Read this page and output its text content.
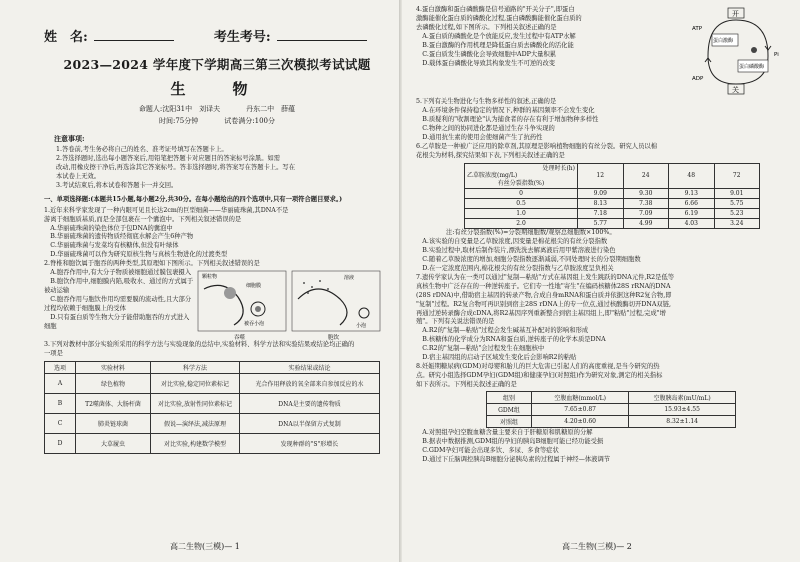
姓　名:	考生考号:
2023—2024 学年度下学期高三第三次模拟考试试题
生　物
命题人:沈阳31中　刘译夫	丹东二中　薛蕴
时间:75分钟	试卷满分:100分
注意事项:

1.答卷前,考生务必将自己的姓名、准考证号填写在答题卡上。

2.答选择题时,选出每小题答案后,用铅笔把答题卡对应题目的答案标号涂黑。如需

改动,用橡皮擦干净后,再选涂其它答案标号。答非选择题时,将答案写在答题卡上。写在

本试卷上无效。

3.考试结束后,将本试卷和答题卡一并交回。

一、单项选择题:(本题共15小题,每小题2分,共30分。在每小题给出的四个选项中,只有一项符合题目要求。)

1.近年来科学家发现了一种内眼可见且长达2cm的巨型细菌——华丽硫珠菌,其DNA不是

游离于细胞质基质,而是全部包裹在一个囊泡中。下列相关叙述错误的是

A.华丽硫珠菌的染色体位于包DNA的囊泡中

B.华丽硫珠菌的遗传物质经彻底水解会产生6种产物

C.华丽硫珠菌与发菜均有核糖体,但没有叶绿体

D.华丽硫珠菌可以作为研究原核生物与真核生物进化的过渡类型

2.脊椎和胞饮属于胞吞的两种类型,其原理如下图所示。下列相关叙述错误的是

A.胞吞作用中,有大分子物质被细胞通过膜包裹摄入

B.胞饮作用中,细胞膜内陷,吸收水、通过的方式属于被动运输

C.胞吞作用与胞饮作用均需要膜的流动性,且大部分过程均依赖于细胞膜上的受体

D.只有蛋白质等生物大分子能借助胞吞的方式进入细胞

颗粒物
细胞膜
被吞小泡
溶液
小泡
吞噬	胞饮

3.下列对教材中部分实验所采用的科学方法与实验现象的总结中,实验材料、科学方法和实验结果或结论均正确的

一项是

选项	实验材料	科学方法	实验结果或结论
A	绿色植物	对比实验,稳定同位素标记	光合作用释放的氧全部来自参加反应的水
B	T2噬菌体、大肠杆菌	对比实验,放射性同位素标记	DNA是主要的遗传物质
C	肺炎链球菌	假说—演绎法,减法原理	DNA以半保留方式复制
D	大草履虫	对比实验,构建数学模型	发现种群的"S"形增长
高二生物(三模)— 1

4.蛋白激酶和蛋白磷酸酶是信号通路的"开关分子",即蛋白

激酶能催化蛋白质的磷酸化过程,蛋白磷酸酶能催化蛋白质的

去磷酸化过程,如下图所示。下列相关叙述正确的是

A.蛋白质的磷酸化是个放能反应,发生过程中有ATP水解

B.蛋白激酶的作用机理是降低蛋白质去磷酸化的活化能

C.蛋白质发生磷酸化会导致细胞中ADP大量积累

D.载体蛋白磷酸化导致其构象发生不可逆的改变

开
关
蛋白激酶
蛋白磷酸酶
ATP
ADP
Pi

5.下列有关生物进化与生物多样性的叙述,正确的是

A.在环境条件保持稳定的情况下,种群的基因频率不会发生变化

B.质疑利的"收割理论"认为捕食者的存在有利于增加物种多样性

C.物种之间的协同进化都是通过生存斗争实现的

D.通用抗生素的使用会使细菌产生了抗药性

6.乙草胺是一种被广泛应用的除草剂,其原理是影响植物细胞的有丝分裂。研究人员以棉

花根尖为材料,探究结果如下表,下列相关叙述正确的是

处理时长(h)
乙草胺浓度(mg/L)
有丝分裂指数(%)	12	24	48	72

0	9.09	9.30	9.13	9.01
0.5	8.13	7.38	6.66	5.75
1.0	7.18	7.09	6.19	5.23
2.0	5.77	4.99	4.03	3.24

注:有丝分裂指数(%)=分裂期细胞数/观察总细胞数×100%。

A.该实验的自变量是乙草胺浓度,因变量是棉花根尖的有丝分裂指数

B.实验过程中,取材后制作装片,漂洗洗去解离液后用甲紫溶液进行染色

C.随着乙草胺浓度的增加,细胞分裂指数逐渐减弱,不同处理时长的分裂期细胞数

D.在一定浓度范围内,棉花根尖的有丝分裂指数与乙草胺浓度呈负相关

7.遗传学家认为在一类可以通过"复制—粘贴"方式在基因组上发生跳跃的DNA元件,R2是低等

真核生物中广泛存在的一种逆转座子。它们专一性地"寄生"在编码核糖体28S rRNA的DNA

(28S rDNA)中,借助宿主基因的转录产物,合成自身mRNA和蛋白质并依据这种R2复合物,即

"复制"过程。R2复合物可再识别到宿主28S rDNA上的专一位点,通过核酸酶切开DNA双链,

再通过逆转录酶合成cDNA,将R2基因序列重新整合到宿主基因组上,即"粘贴"过程,完成"增

殖"。下列有关说法错误的是

A.R2的"复制—粘贴"过程会发生碱基互补配对的影响和形成

B.核糖体的化学成分为RNA和蛋白质,逆转座子的化学本质是DNA

C.R2的"复制—粘贴"会过程发生在细胞核中

D.宿主基因组的启动子区域发生变化后会影响R2的粘贴

8.妊娠期糖尿病(GDM)对母婴和胎儿的巨大危害已引起人们的高度重视,是当今研究的热

点。研究小组选择GDM孕妇(GDM组)和健康孕妇(对照组)作为研究对象,测定的相关指标

如下表所示。下列相关叙述正确的是

组别	空腹血糖(mmol/L)	空腹胰岛素(mU/mL)
GDM组	7.65±0.87	15.93±4.55
对照组	4.20±0.60	8.32±1.14

A.对照组孕妇空腹血糖含量主要来自于肝糖原和肌糖原的分解

B.据表中数据推测,GDM组的孕妇的胰岛B细胞可能已经功能受损

C.GDM孕妇可能会出现多饮、多尿、多食等症状

D.通过下丘脑调控胰岛B细胞分泌胰岛素的过程属于神经—体液调节

高二生物(三模)— 2
